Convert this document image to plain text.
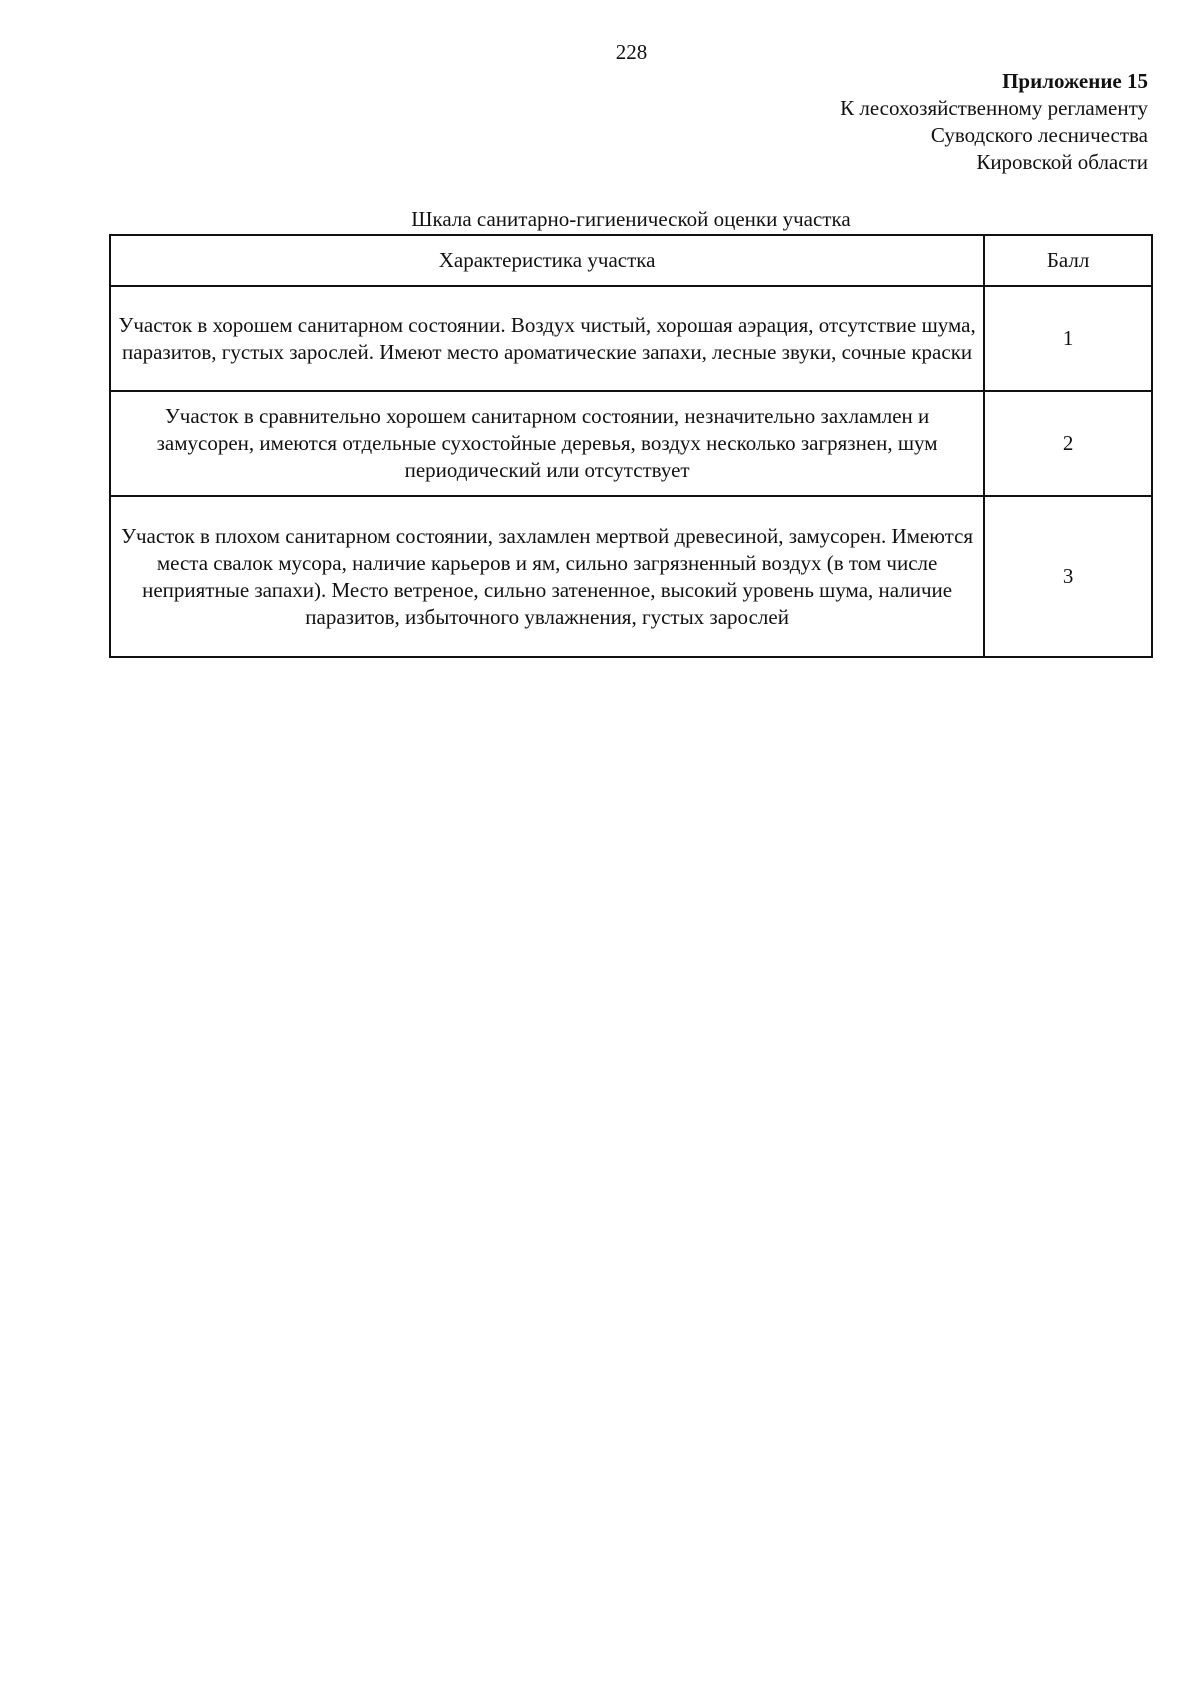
228
Приложение 15
К лесохозяйственному регламенту
Суводского лесничества
Кировской области
Шкала санитарно-гигиенической оценки участка
Характеристика участка	Балл
Участок в хорошем санитарном состоянии. Воздух чистый, хорошая аэрация, отсутствие шума, паразитов, густых зарослей. Имеют место ароматические запахи, лесные звуки, сочные краски	1
Участок в сравнительно хорошем санитарном состоянии, незначительно захламлен и замусорен, имеются отдельные сухостойные деревья, воздух несколько загрязнен, шум периодический или отсутствует	2
Участок в плохом санитарном состоянии, захламлен мертвой древесиной, замусорен. Имеются места свалок мусора, наличие карьеров и ям, сильно загрязненный воздух (в том числе неприятные запахи). Место ветреное, сильно затененное, высокий уровень шума, наличие паразитов, избыточного увлажнения, густых зарослей	3
